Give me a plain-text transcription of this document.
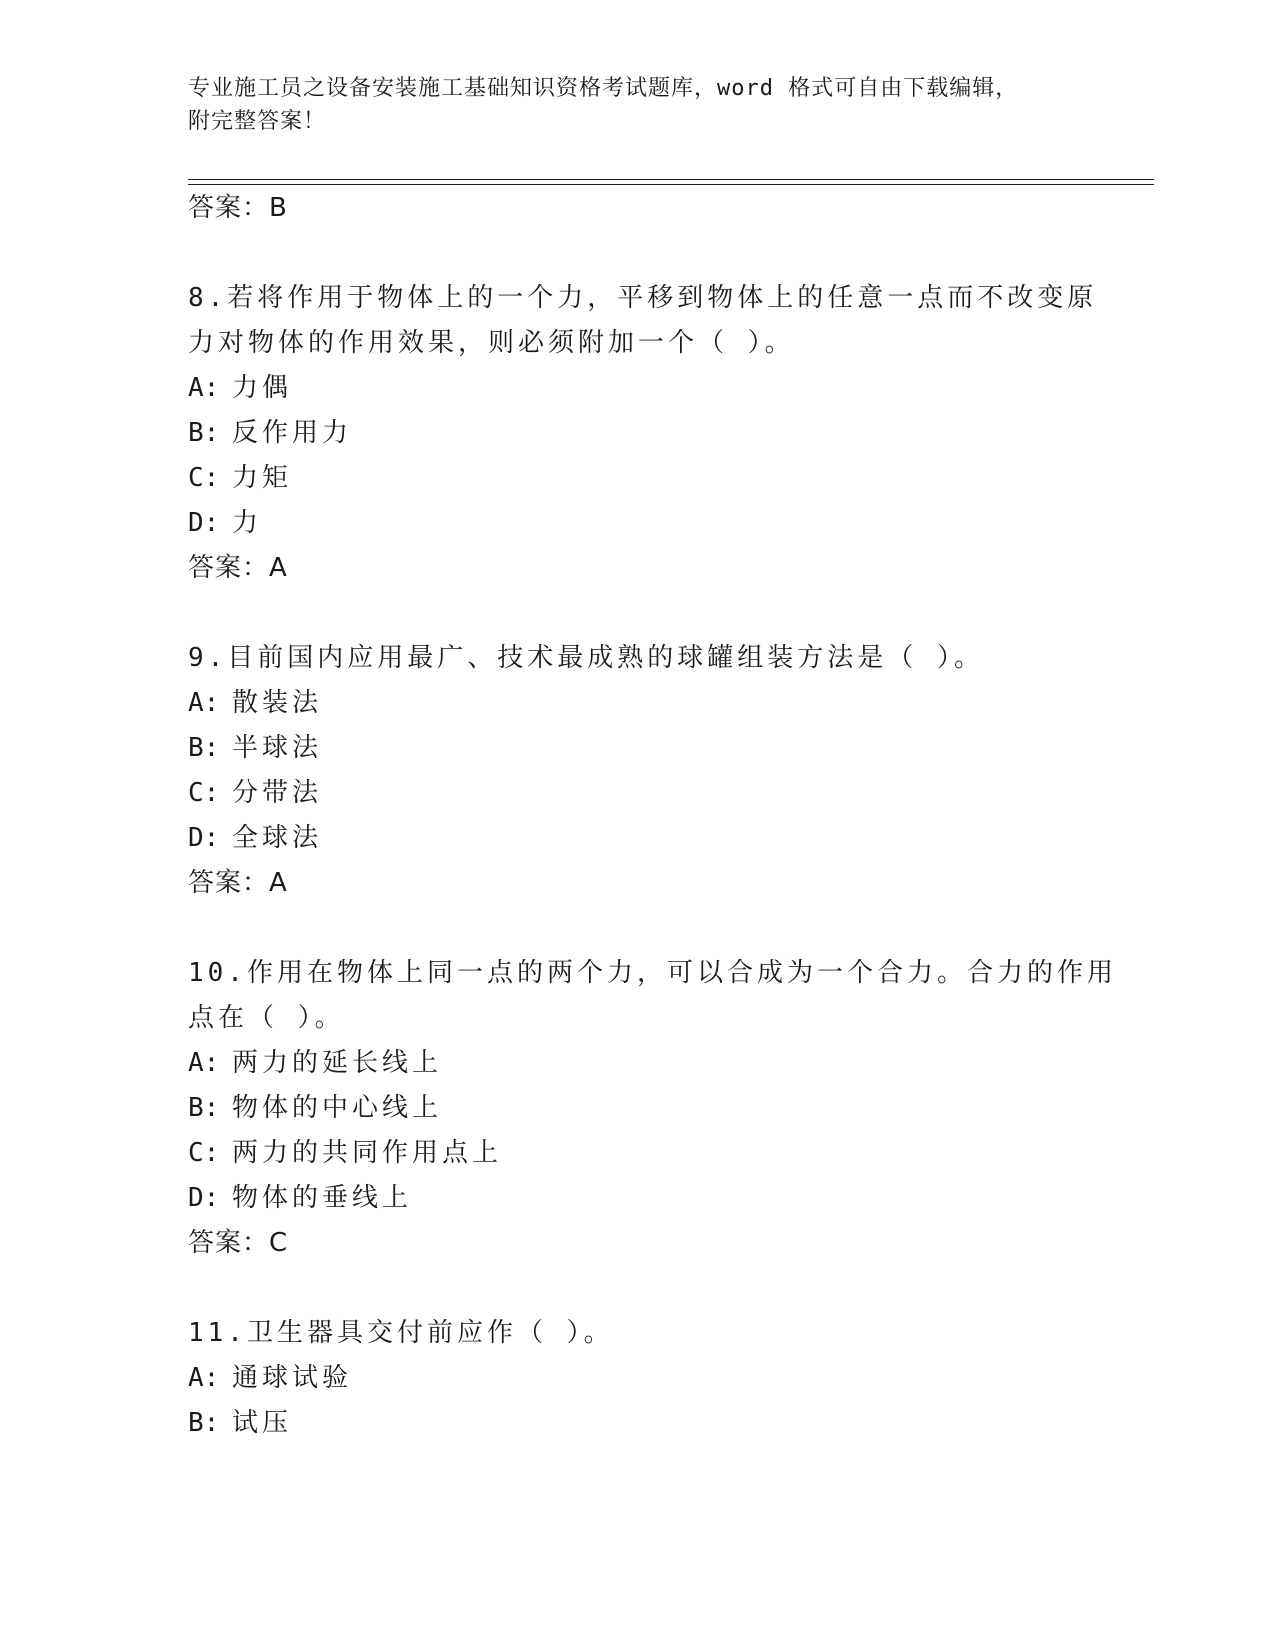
专业施工员之设备安装施工基础知识资格考试题库，word 格式可自由下载编辑，
附完整答案！
答案：B
8.若将作用于物体上的一个力，平移到物体上的任意一点而不改变原
力对物体的作用效果，则必须附加一个（ ）。
A: 力偶
B: 反作用力
C: 力矩
D: 力
答案：A
9.目前国内应用最广、技术最成熟的球罐组装方法是（ ）。
A: 散装法
B: 半球法
C: 分带法
D: 全球法
答案：A
10.作用在物体上同一点的两个力，可以合成为一个合力。合力的作用
点在（ ）。
A: 两力的延长线上
B: 物体的中心线上
C: 两力的共同作用点上
D: 物体的垂线上
答案：C
11.卫生器具交付前应作（ ）。
A: 通球试验
B: 试压
